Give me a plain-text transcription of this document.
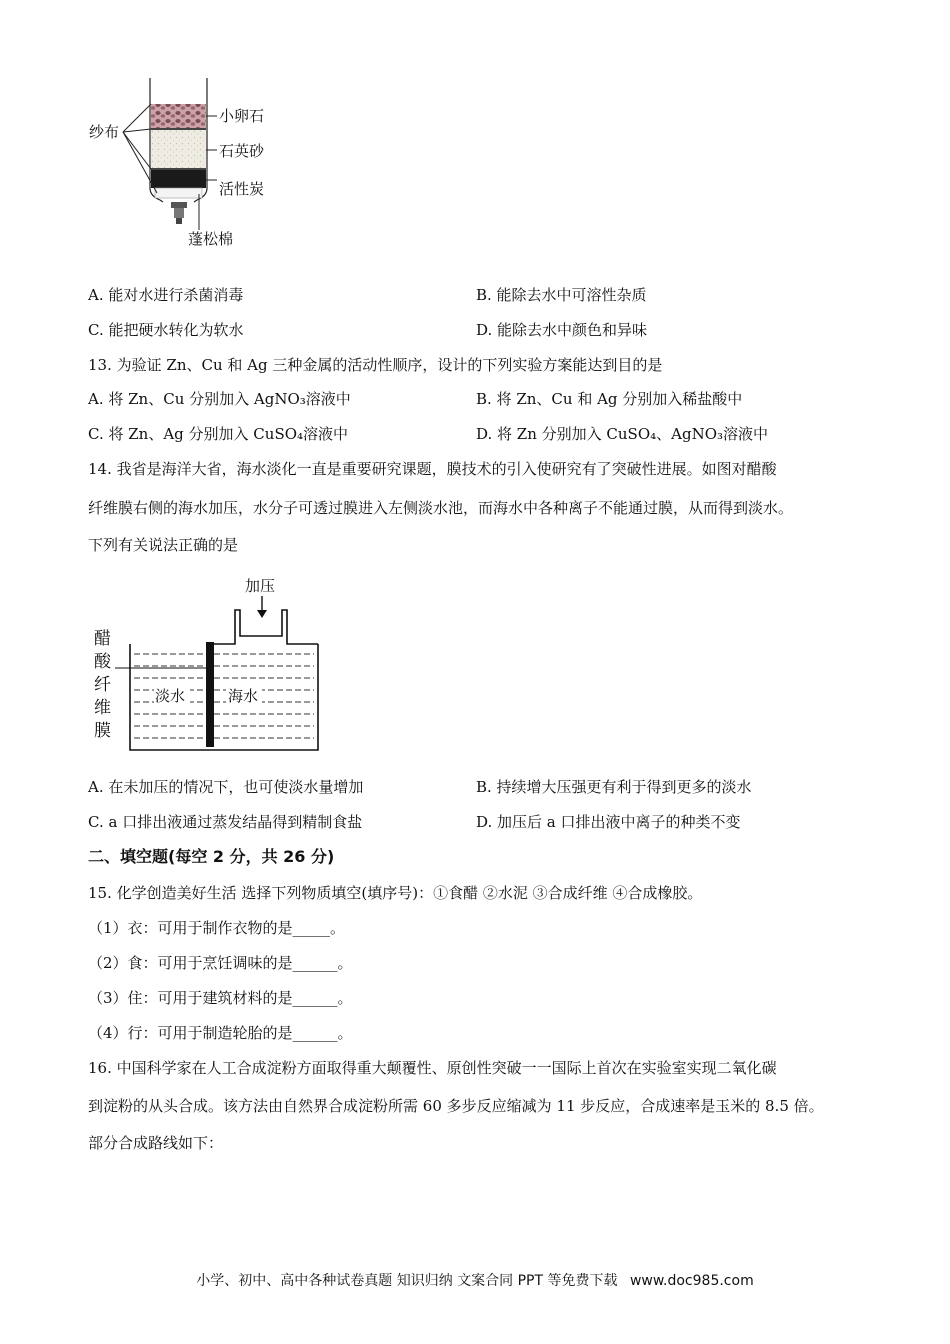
纱布
小卵石
石英砂
活性炭
蓬松棉
A. 能对水进行杀菌消毒	B. 能除去水中可溶性杂质
C. 能把硬水转化为软水	D. 能除去水中颜色和异味
13. 为验证 Zn、Cu 和 Ag 三种金属的活动性顺序，设计的下列实验方案能达到目的是
A. 将 Zn、Cu 分别加入 AgNO₃溶液中	B. 将 Zn、Cu 和 Ag 分别加入稀盐酸中
C. 将 Zn、Ag 分别加入 CuSO₄溶液中	D. 将 Zn 分别加入 CuSO₄、AgNO₃溶液中
14. 我省是海洋大省，海水淡化一直是重要研究课题，膜技术的引入使研究有了突破性进展。如图对醋酸
纤维膜右侧的海水加压，水分子可透过膜进入左侧淡水池，而海水中各种离子不能通过膜，从而得到淡水。
下列有关说法正确的是
加压
淡水	海水
醋
酸
纤
维
膜
A. 在未加压的情况下，也可使淡水量增加	B. 持续增大压强更有利于得到更多的淡水
C. a 口排出液通过蒸发结晶得到精制食盐	D. 加压后 a 口排出液中离子的种类不变
二、填空题(每空 2 分，共 26 分)
15. 化学创造美好生活 选择下列物质填空(填序号)：①食醋 ②水泥 ③合成纤维 ④合成橡胶。
（1）衣：可用于制作衣物的是_____。
（2）食：可用于烹饪调味的是______。
（3）住：可用于建筑材料的是______。
（4）行：可用于制造轮胎的是______。
16. 中国科学家在人工合成淀粉方面取得重大颠覆性、原创性突破一一国际上首次在实验室实现二氧化碳
到淀粉的从头合成。该方法由自然界合成淀粉所需 60 多步反应缩减为 11 步反应，合成速率是玉米的 8.5 倍。
部分合成路线如下：
小学、初中、高中各种试卷真题 知识归纳 文案合同 PPT 等免费下载 www.doc985.com
